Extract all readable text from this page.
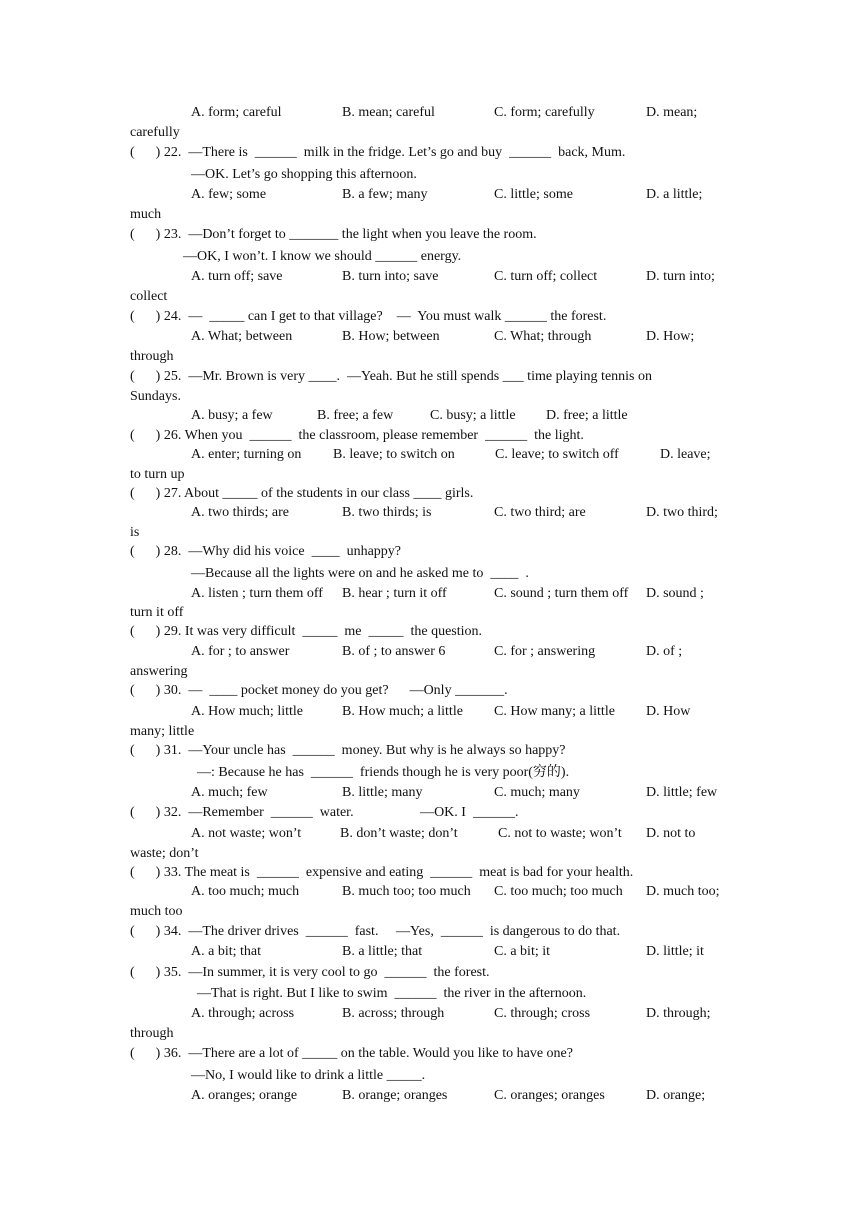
A. form; careful	B. mean; careful	C. form; carefully	D. mean;
carefully
(      ) 22.  —There is  ______  milk in the fridge. Let’s go and buy  ______  back, Mum.
—OK. Let’s go shopping this afternoon.
A. few; some	B. a few; many	C. little; some	D. a little;
much
(      ) 23.  —Don’t forget to _______ the light when you leave the room.
—OK, I won’t. I know we should ______ energy.
A. turn off; save	B. turn into; save	C. turn off; collect	D. turn into;
collect
(      ) 24.  —  _____ can I get to that village?    —  You must walk ______ the forest.
A. What; between	B. How; between	C. What; through	D. How;
through
(      ) 25.  —Mr. Brown is very ____.  —Yeah. But he still spends ___ time playing tennis on
Sundays.
A. busy; a few	B. free; a few	C. busy; a little D. free; a little
(      ) 26. When you  ______  the classroom, please remember  ______  the light.
A. enter; turning on B. leave; to switch on	C. leave; to switch off	D. leave;
to turn up
(      ) 27. About _____ of the students in our class ____ girls.
A. two thirds; are	B. two thirds; is	C. two third; are	D. two third;
is
(      ) 28.  —Why did his voice  ____  unhappy?
—Because all the lights were on and he asked me to  ____  .
A. listen ; turn them off B. hear ; turn it off	C. sound ; turn them off D. sound ;
turn it off
(      ) 29. It was very difficult  _____  me  _____  the question.
A. for ; to answer	B. of ; to answer 6	C. for ; answering	D. of ;
answering
(      ) 30.  —  ____ pocket money do you get?      —Only _______.
A. How much; little	B. How much; a little C. How many; a little D. How
many; little
(      ) 31.  —Your uncle has  ______  money. But why is he always so happy?
—: Because he has  ______  friends though he is very poor(穷的).
A. much; few	B. little; many	C. much; many	D. little; few
(      ) 32.  —Remember  ______  water.                   —OK. I  ______.
A. not waste; won’t	B. don’t waste; don’t	C. not to waste; won’t D. not to
waste; don’t
(      ) 33. The meat is  ______  expensive and eating  ______  meat is bad for your health.
A. too much; much	B. much too; too much C. too much; too much D. much too;
much too
(      ) 34.  —The driver drives  ______  fast.     —Yes,  ______  is dangerous to do that.
A. a bit; that	B. a little; that	C. a bit; it	D. little; it
(      ) 35.  —In summer, it is very cool to go  ______  the forest.
—That is right. But I like to swim  ______  the river in the afternoon.
A. through; across	B. across; through	C. through; cross	D. through;
through
(      ) 36.  —There are a lot of _____ on the table. Would you like to have one?
—No, I would like to drink a little _____.
A. oranges; orange	B. orange; oranges	C. oranges; oranges	D. orange;
